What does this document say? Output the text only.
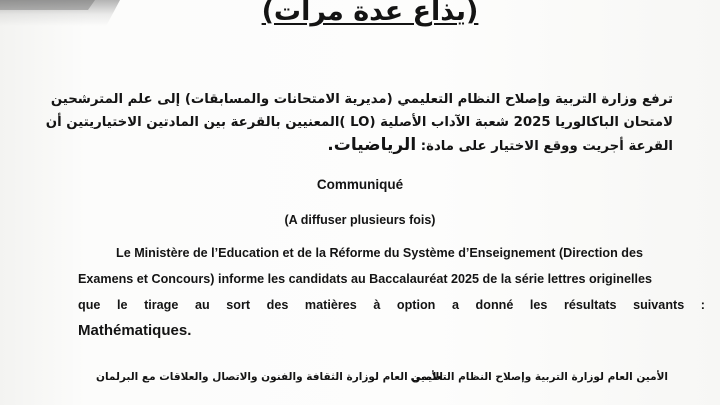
(يذاع عدة مرات)
ترفع وزارة التربية وإصلاح النظام التعليمي (مديرية الامتحانات والمسابقات) إلى علم المترشحين
لامتحان الباكالوريا 2025 شعبة الآداب الأصلية (LO )المعنيين بالقرعة بين المادتين الاختياريتين أن
القرعة أجريت ووقع الاختيار على مادة: الرياضيات.
Communiqué
(A diffuser plusieurs fois)
Le Ministère de l’Education et de la Réforme du Système d’Enseignement (Direction des
Examens et Concours) informe les candidats au Baccalauréat 2025 de la série lettres originelles
que le tirage au sort des matières à option a donné les résultats suivants :
Mathématiques.
الأمين العام لوزارة التربية وإصلاح النظام التعليمي
الأمين العام لوزارة الثقافة والفنون والاتصال والعلاقات مع البرلمان
